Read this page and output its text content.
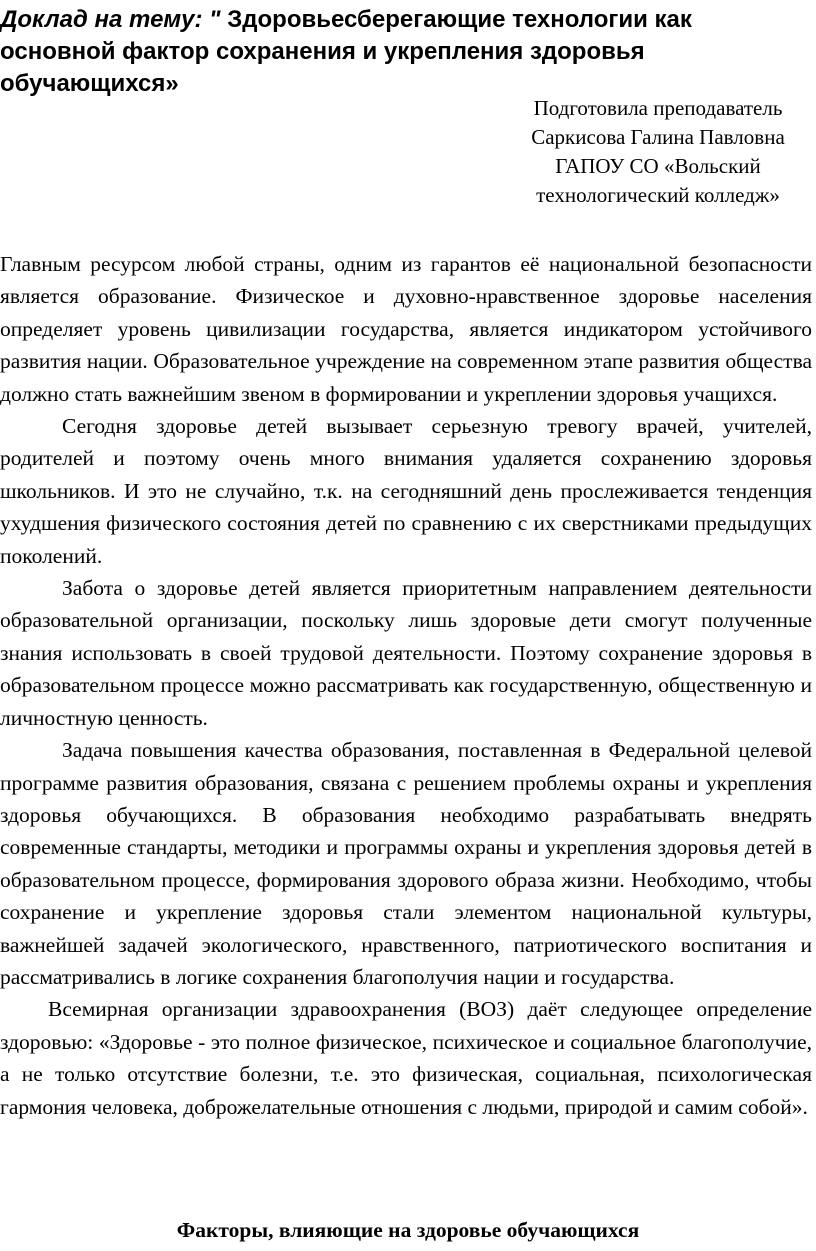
Доклад на тему: " Здоровьесберегающие технологии как основной фактор сохранения и укрепления здоровья обучающихся»
Подготовила преподаватель
Саркисова Галина Павловна
ГАПОУ СО «Вольский
технологический колледж»

Главным ресурсом любой страны, одним из гарантов её национальной безопасности является образование. Физическое и духовно-нравственное здоровье населения определяет уровень цивилизации государства, является индикатором устойчивого развития нации. Образовательное учреждение на современном этапе развития общества должно стать важнейшим звеном в формировании и укреплении здоровья учащихся.

Сегодня здоровье детей вызывает серьезную тревогу врачей, учителей, родителей и поэтому очень много внимания удаляется сохранению здоровья школьников. И это не случайно, т.к. на сегодняшний день прослеживается тенденция ухудшения физического состояния детей по сравнению с их сверстниками предыдущих поколений.

Забота о здоровье детей является приоритетным направлением деятельности образовательной организации, поскольку лишь здоровые дети смогут полученные знания использовать в своей трудовой деятельности. Поэтому сохранение здоровья в образовательном процессе можно рассматривать как государственную, общественную и личностную ценность.

Задача повышения качества образования, поставленная в Федеральной целевой программе развития образования, связана с решением проблемы охраны и укрепления здоровья обучающихся. В образования необходимо разрабатывать внедрять современные стандарты, методики и программы охраны и укрепления здоровья детей в образовательном процессе, формирования здорового образа жизни. Необходимо, чтобы сохранение и укрепление здоровья стали элементом национальной культуры, важнейшей задачей экологического, нравственного, патриотического воспитания и рассматривались в логике сохранения благополучия нации и государства.

Всемирная организации здравоохранения (ВОЗ) даёт следующее определение здоровью: «Здоровье - это полное физическое, психическое и социальное благополучие, а не только отсутствие болезни, т.е. это физическая, социальная, психологическая гармония человека, доброжелательные отношения с людьми, природой и самим собой».

Факторы, влияющие на здоровье обучающихся
